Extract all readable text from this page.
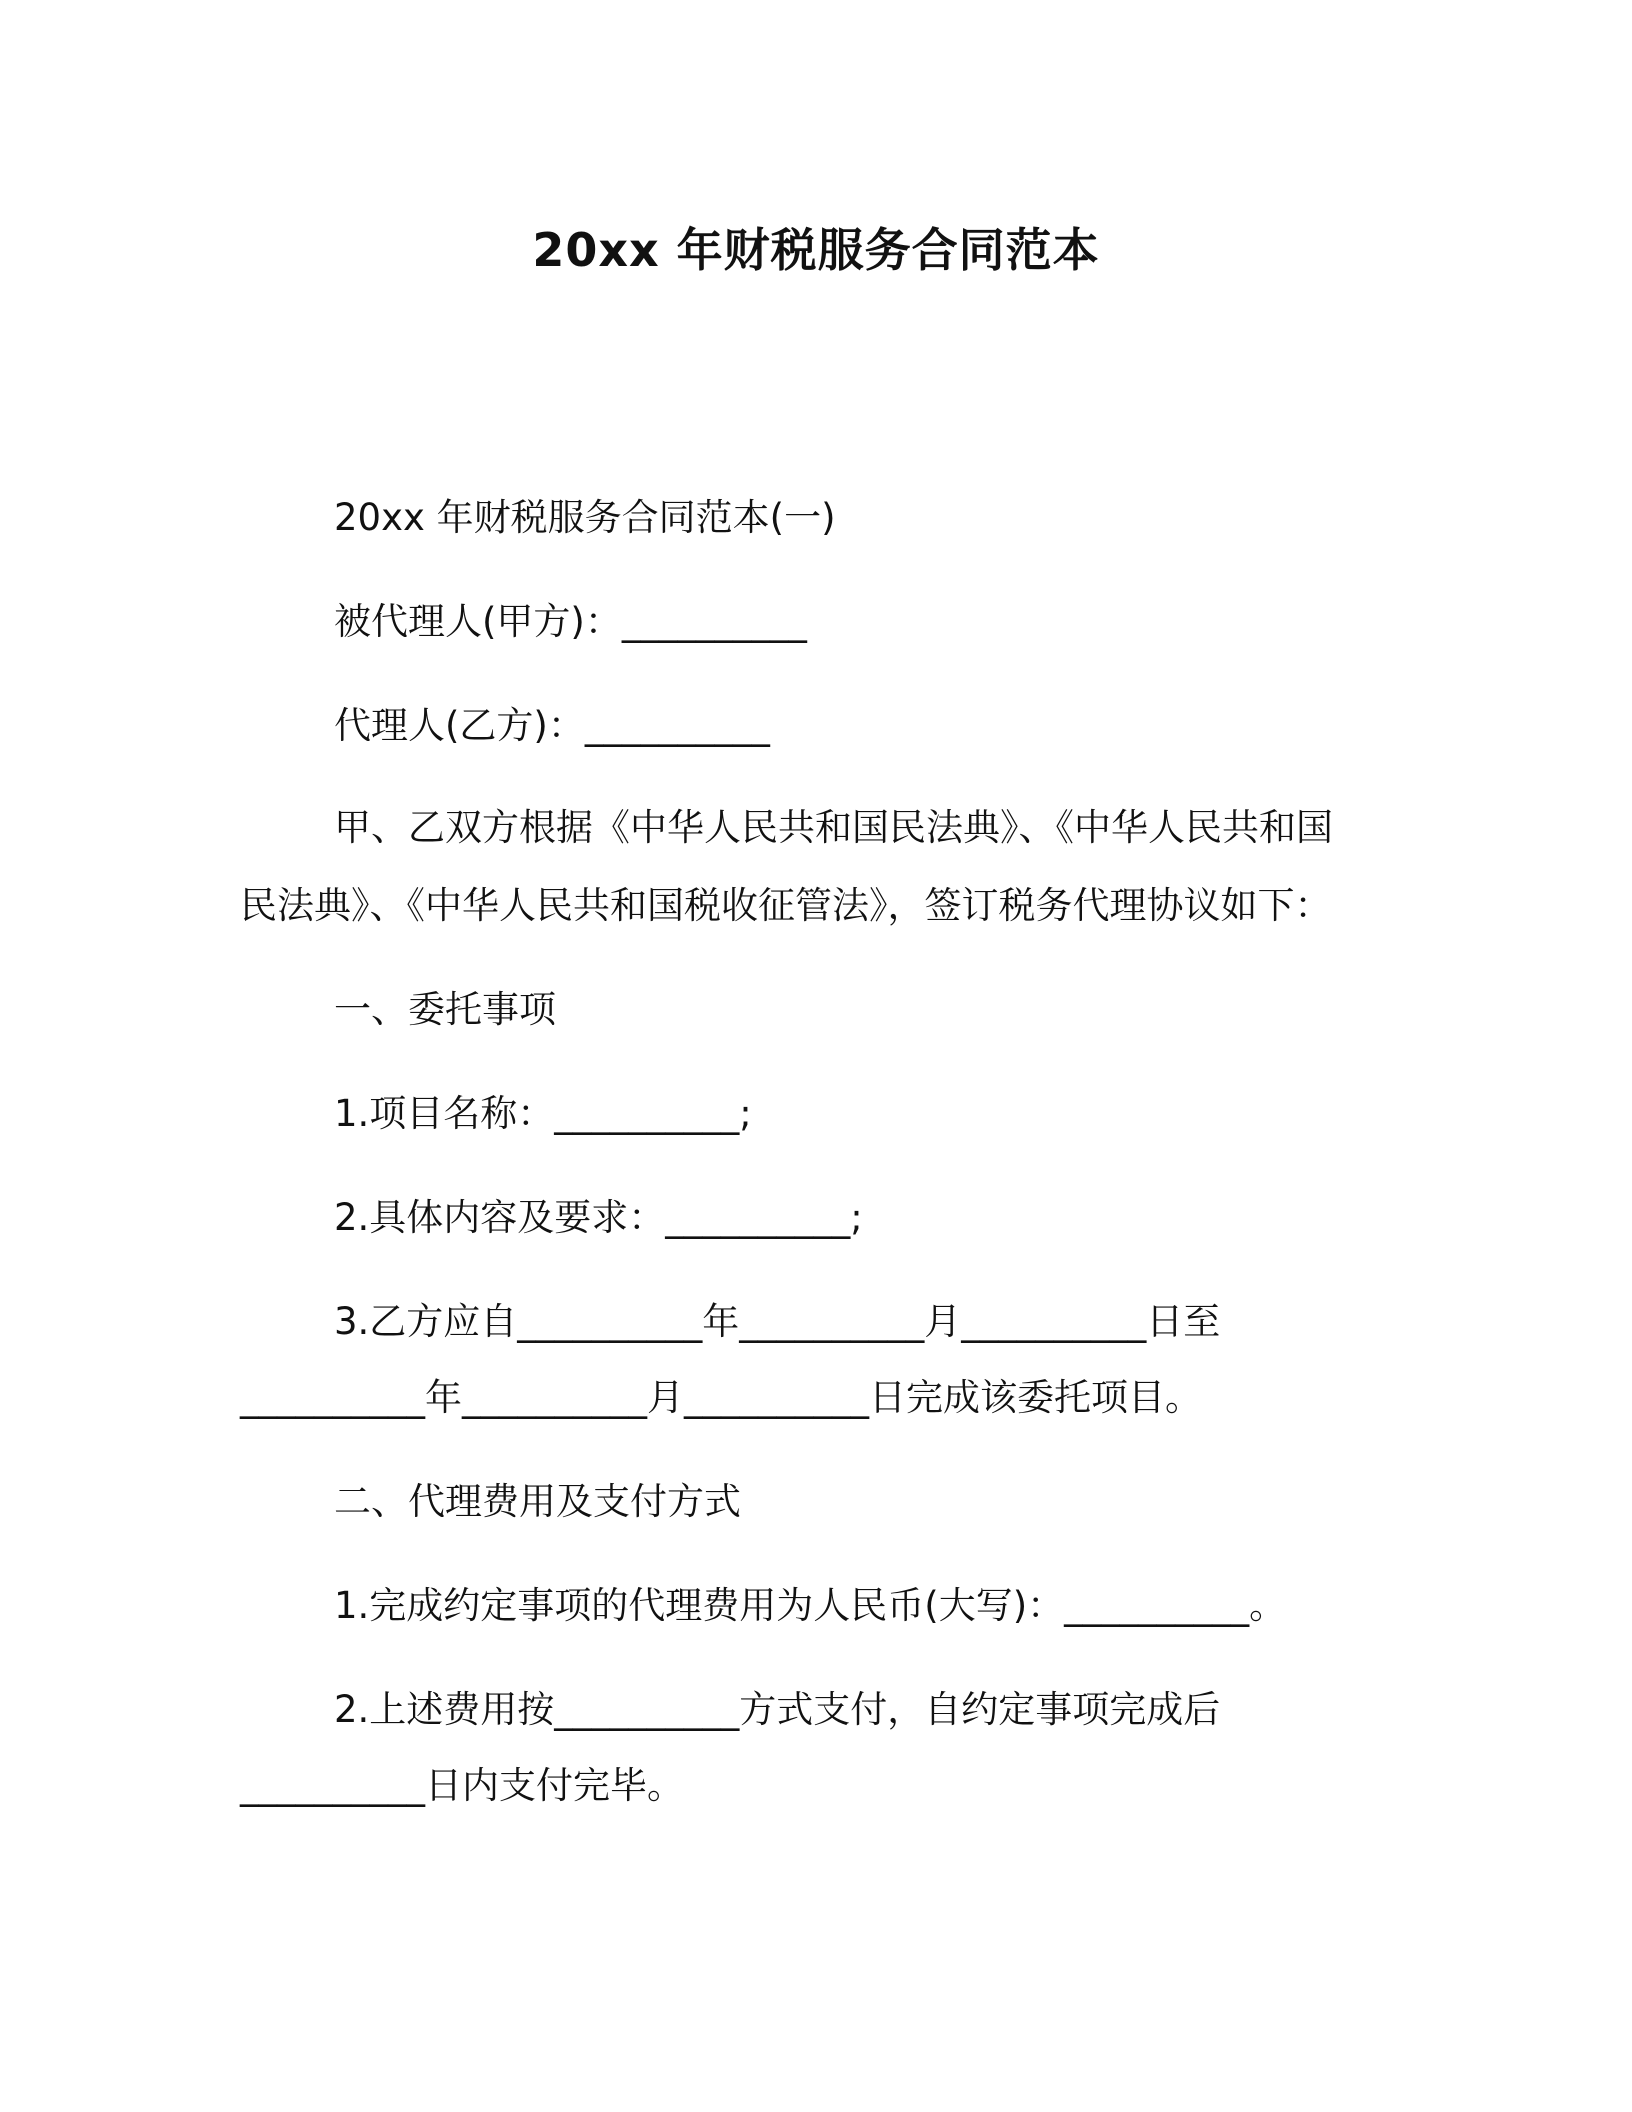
20xx 年财税服务合同范本
20xx 年财税服务合同范本(一)
被代理人(甲方)：__________
代理人(乙方)：__________
甲、乙双方根据《中华人民共和国民法典》、《中华人民共和国
民法典》、《中华人民共和国税收征管法》，签订税务代理协议如下：
一、委托事项
1.项目名称：__________;
2.具体内容及要求：__________;
3.乙方应自__________年__________月__________日至
__________年__________月__________日完成该委托项目。
二、代理费用及支付方式
1.完成约定事项的代理费用为人民币(大写)：__________。
2.上述费用按__________方式支付，自约定事项完成后
__________日内支付完毕。
